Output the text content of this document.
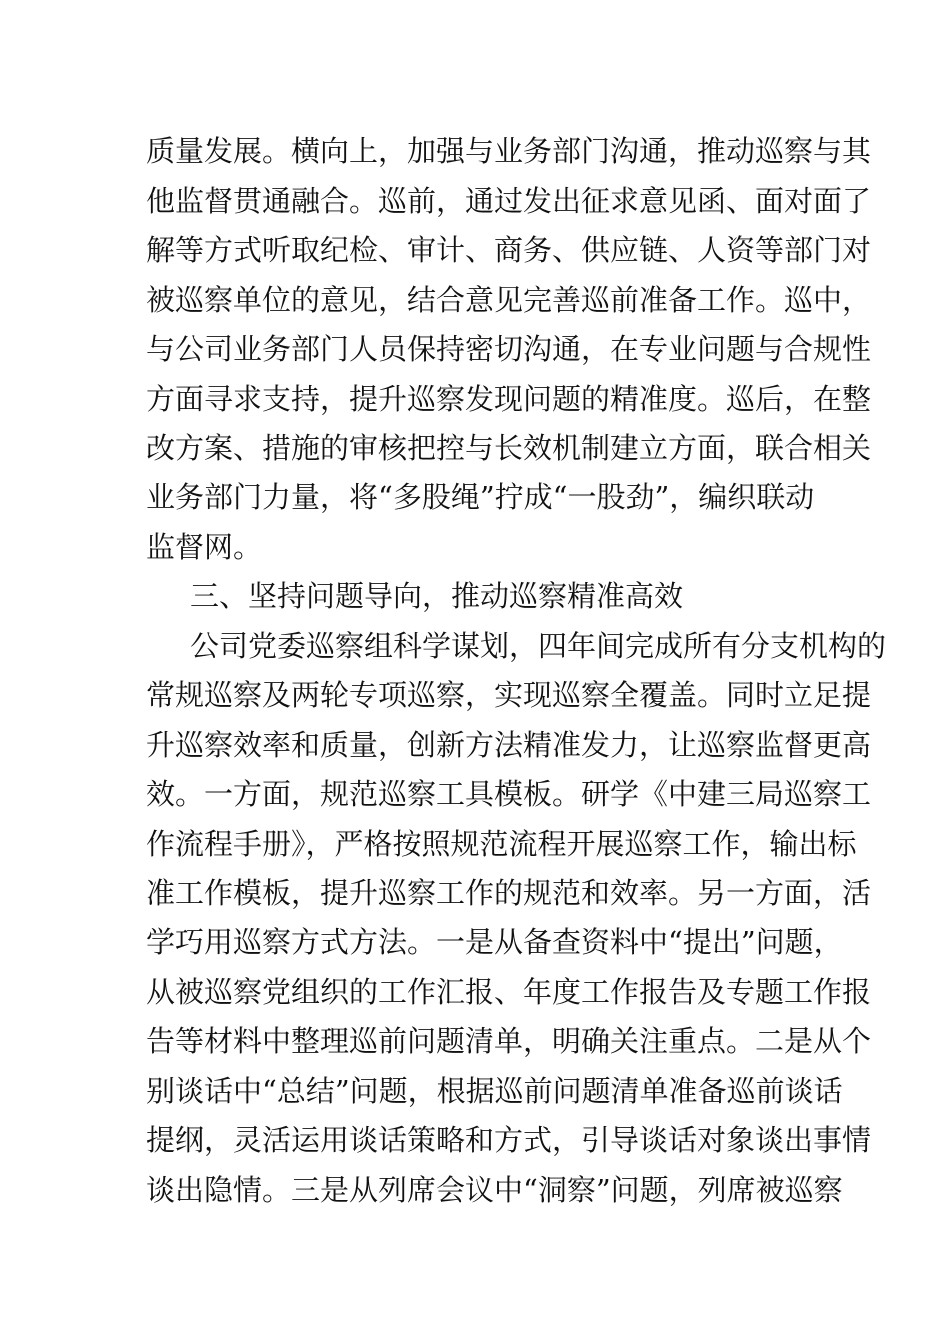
质量发展。横向上，加强与业务部门沟通，推动巡察与其
他监督贯通融合。巡前，通过发出征求意见函、面对面了
解等方式听取纪检、审计、商务、供应链、人资等部门对
被巡察单位的意见，结合意见完善巡前准备工作。巡中，
与公司业务部门人员保持密切沟通，在专业问题与合规性
方面寻求支持，提升巡察发现问题的精准度。巡后，在整
改方案、措施的审核把控与长效机制建立方面，联合相关
业务部门力量，将“多股绳”拧成“一股劲”，编织联动
监督网。
三、坚持问题导向，推动巡察精准高效
公司党委巡察组科学谋划，四年间完成所有分支机构的
常规巡察及两轮专项巡察，实现巡察全覆盖。同时立足提
升巡察效率和质量，创新方法精准发力，让巡察监督更高
效。一方面，规范巡察工具模板。研学《中建三局巡察工
作流程手册》，严格按照规范流程开展巡察工作，输出标
准工作模板，提升巡察工作的规范和效率。另一方面，活
学巧用巡察方式方法。一是从备查资料中“提出”问题，
从被巡察党组织的工作汇报、年度工作报告及专题工作报
告等材料中整理巡前问题清单，明确关注重点。二是从个
别谈话中“总结”问题，根据巡前问题清单准备巡前谈话
提纲，灵活运用谈话策略和方式，引导谈话对象谈出事情
谈出隐情。三是从列席会议中“洞察”问题，列席被巡察
